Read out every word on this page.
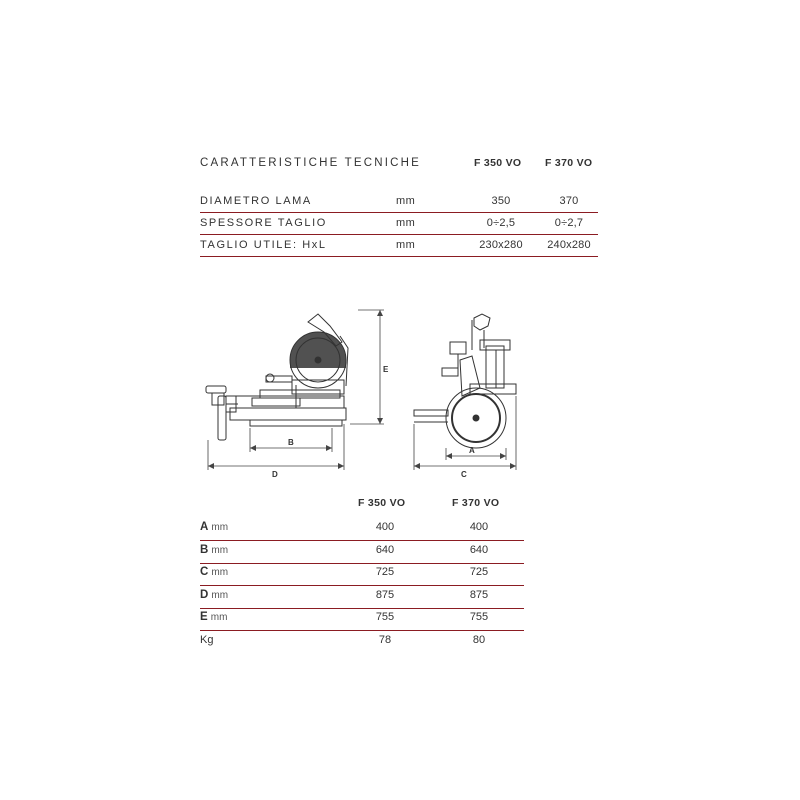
CARATTERISTICHE TECNICHE	F 350 VO F 370 VO
DIAMETRO LAMA	mm	350	370
SPESSORE TAGLIO	mm	0÷2,5	0÷2,7
TAGLIO UTILE: HxL	mm	230x280	240x280
E
B
D
A
C
F 350 VO	F 370 VO
A mm	400	400
B mm	640	640
C mm	725	725
D mm	875	875
E mm	755	755
Kg	78	80
